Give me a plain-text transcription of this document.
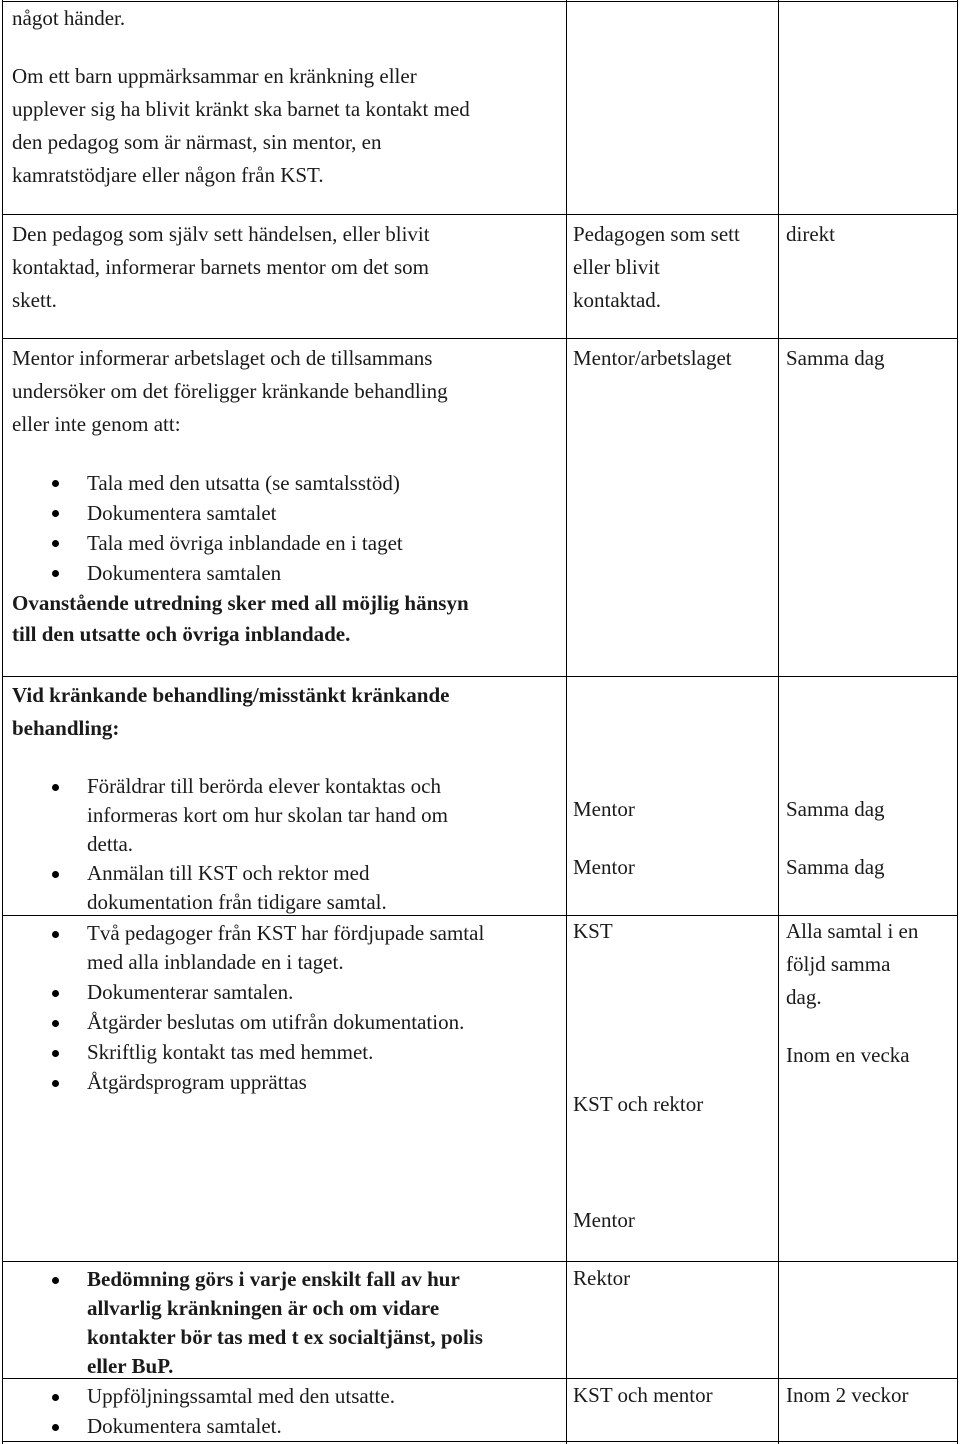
något händer.
Om ett barn uppmärksammar en kränkning eller
upplever sig ha blivit kränkt ska barnet ta kontakt med
den pedagog som är närmast, sin mentor, en
kamratstödjare eller någon från KST.
Den pedagog som själv sett händelsen, eller blivit
kontaktad, informerar barnets mentor om det som
skett.
Mentor informerar arbetslaget och de tillsammans
undersöker om det föreligger kränkande behandling
eller inte genom att:
Tala med den utsatta (se samtalsstöd)
Dokumentera samtalet
Tala med övriga inblandade en i taget
Dokumentera samtalen
Ovanstående utredning sker med all möjlig hänsyn
till den utsatte och övriga inblandade.
Vid kränkande behandling/misstänkt kränkande
behandling:
Föräldrar till berörda elever kontaktas och
informeras kort om hur skolan tar hand om
detta.
Anmälan till KST och rektor med
dokumentation från tidigare samtal.
Två pedagoger från KST har fördjupade samtal
med alla inblandade en i taget.
Dokumenterar samtalen.
Åtgärder beslutas om utifrån dokumentation.
Skriftlig kontakt tas med hemmet.
Åtgärdsprogram upprättas
Bedömning görs i varje enskilt fall av hur
allvarlig kränkningen är och om vidare
kontakter bör tas med t ex socialtjänst, polis
eller BuP.
Uppföljningssamtal med den utsatte.
Dokumentera samtalet.
Pedagogen som sett
eller blivit
kontaktad.
Mentor/arbetslaget
Mentor
Mentor
KST
KST och rektor
Mentor
Rektor
KST och mentor
direkt
Samma dag
Samma dag
Samma dag
Alla samtal i en
följd samma
dag.
Inom en vecka
Inom 2 veckor
